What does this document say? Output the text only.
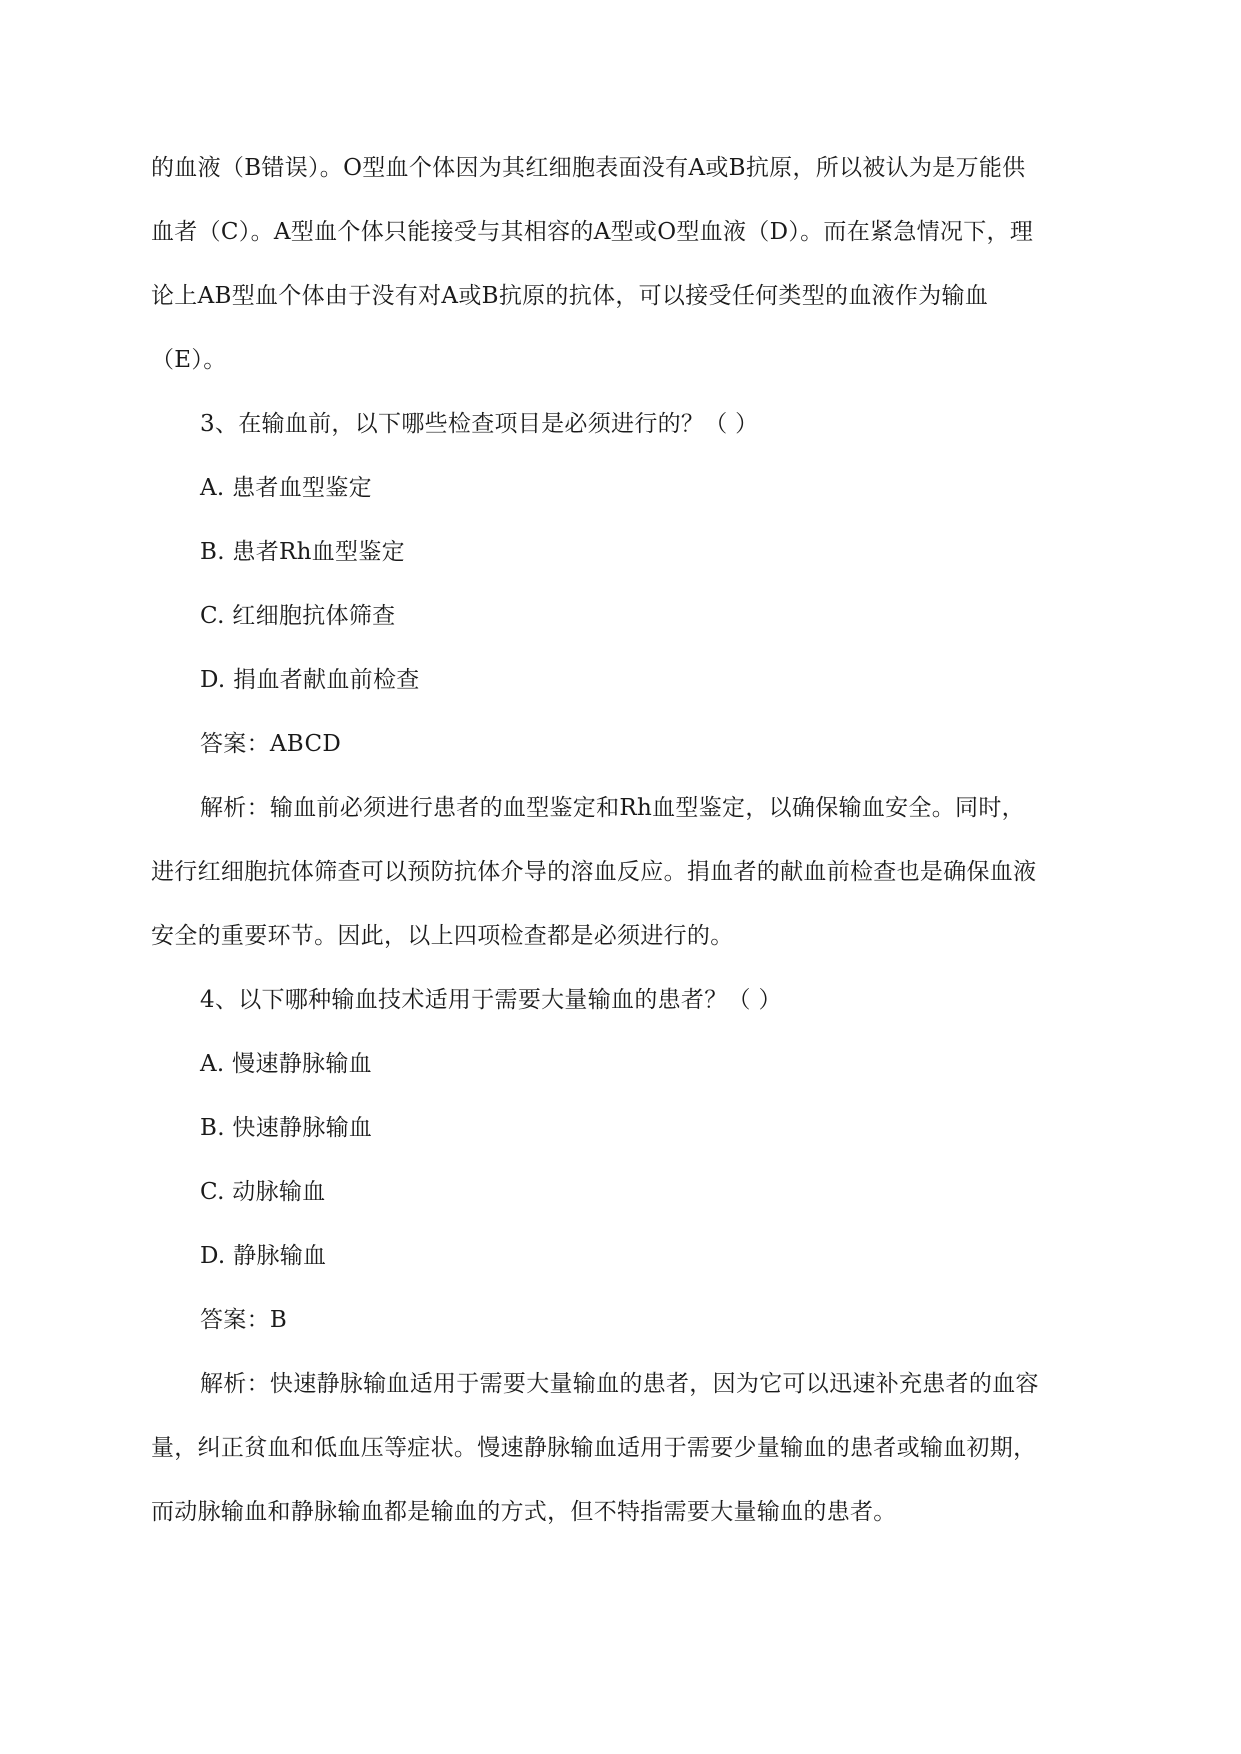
的血液（B错误）。O型血个体因为其红细胞表面没有A或B抗原，所以被认为是万能供
血者（C）。A型血个体只能接受与其相容的A型或O型血液（D）。而在紧急情况下，理
论上AB型血个体由于没有对A或B抗原的抗体，可以接受任何类型的血液作为输血
（E）。
3、在输血前，以下哪些检查项目是必须进行的？（ ）
A. 患者血型鉴定
B. 患者Rh血型鉴定
C. 红细胞抗体筛查
D. 捐血者献血前检查
答案：ABCD
解析：输血前必须进行患者的血型鉴定和Rh血型鉴定，以确保输血安全。同时，
进行红细胞抗体筛查可以预防抗体介导的溶血反应。捐血者的献血前检查也是确保血液
安全的重要环节。因此，以上四项检查都是必须进行的。
4、以下哪种输血技术适用于需要大量输血的患者？（ ）
A. 慢速静脉输血
B. 快速静脉输血
C. 动脉输血
D. 静脉输血
答案：B
解析：快速静脉输血适用于需要大量输血的患者，因为它可以迅速补充患者的血容
量，纠正贫血和低血压等症状。慢速静脉输血适用于需要少量输血的患者或输血初期，
而动脉输血和静脉输血都是输血的方式，但不特指需要大量输血的患者。
